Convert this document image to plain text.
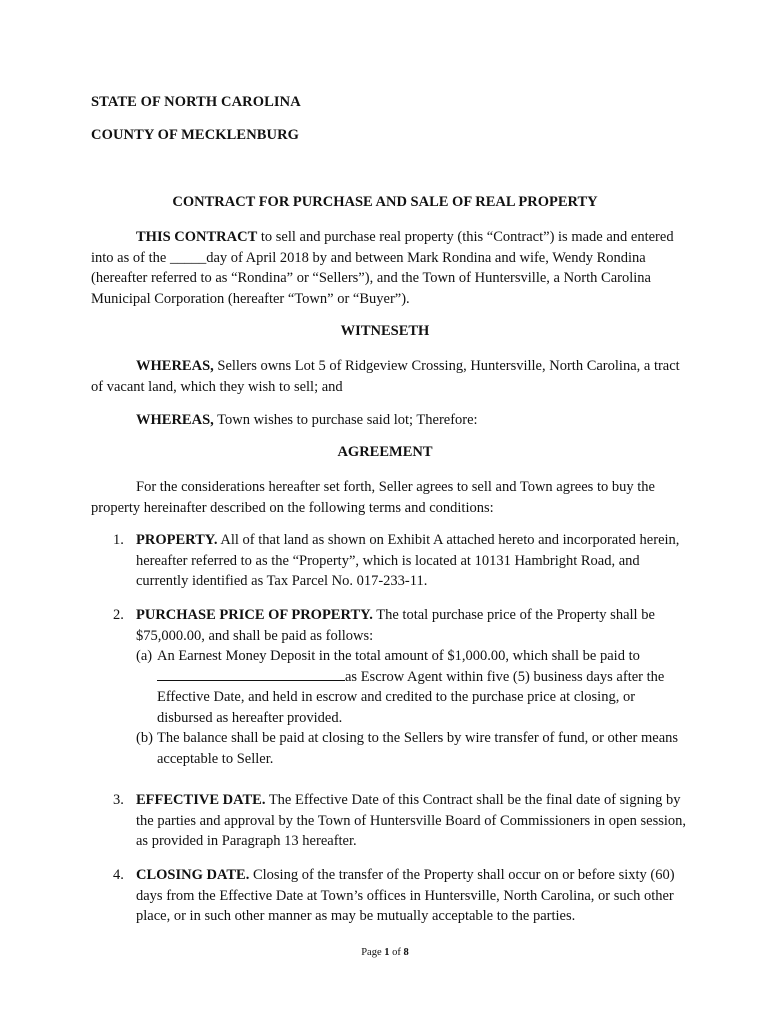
STATE OF NORTH CAROLINA
COUNTY OF MECKLENBURG
CONTRACT FOR PURCHASE AND SALE OF REAL PROPERTY
THIS CONTRACT to sell and purchase real property (this “Contract”) is made and entered into as of the _____day of April 2018 by and between Mark Rondina and wife, Wendy Rondina (hereafter referred to as “Rondina” or “Sellers”), and the Town of Huntersville, a North Carolina Municipal Corporation (hereafter “Town” or “Buyer”).
WITNESETH
WHEREAS, Sellers owns Lot 5 of Ridgeview Crossing, Huntersville, North Carolina, a tract of vacant land, which they wish to sell; and
WHEREAS, Town wishes to purchase said lot; Therefore:
AGREEMENT
For the considerations hereafter set forth, Seller agrees to sell and Town agrees to buy the property hereinafter described on the following terms and conditions:
1. PROPERTY. All of that land as shown on Exhibit A attached hereto and incorporated herein, hereafter referred to as the “Property”, which is located at 10131 Hambright Road, and currently identified as Tax Parcel No. 017-233-11.
2. PURCHASE PRICE OF PROPERTY. The total purchase price of the Property shall be $75,000.00, and shall be paid as follows:
(a) An Earnest Money Deposit in the total amount of $1,000.00, which shall be paid to
as Escrow Agent within five (5) business days after the Effective Date, and held in escrow and credited to the purchase price at closing, or disbursed as hereafter provided.
(b) The balance shall be paid at closing to the Sellers by wire transfer of fund, or other means acceptable to Seller.
3. EFFECTIVE DATE. The Effective Date of this Contract shall be the final date of signing by the parties and approval by the Town of Huntersville Board of Commissioners in open session, as provided in Paragraph 13 hereafter.
4. CLOSING DATE. Closing of the transfer of the Property shall occur on or before sixty (60) days from the Effective Date at Town’s offices in Huntersville, North Carolina, or such other place, or in such other manner as may be mutually acceptable to the parties.
Page 1 of 8
